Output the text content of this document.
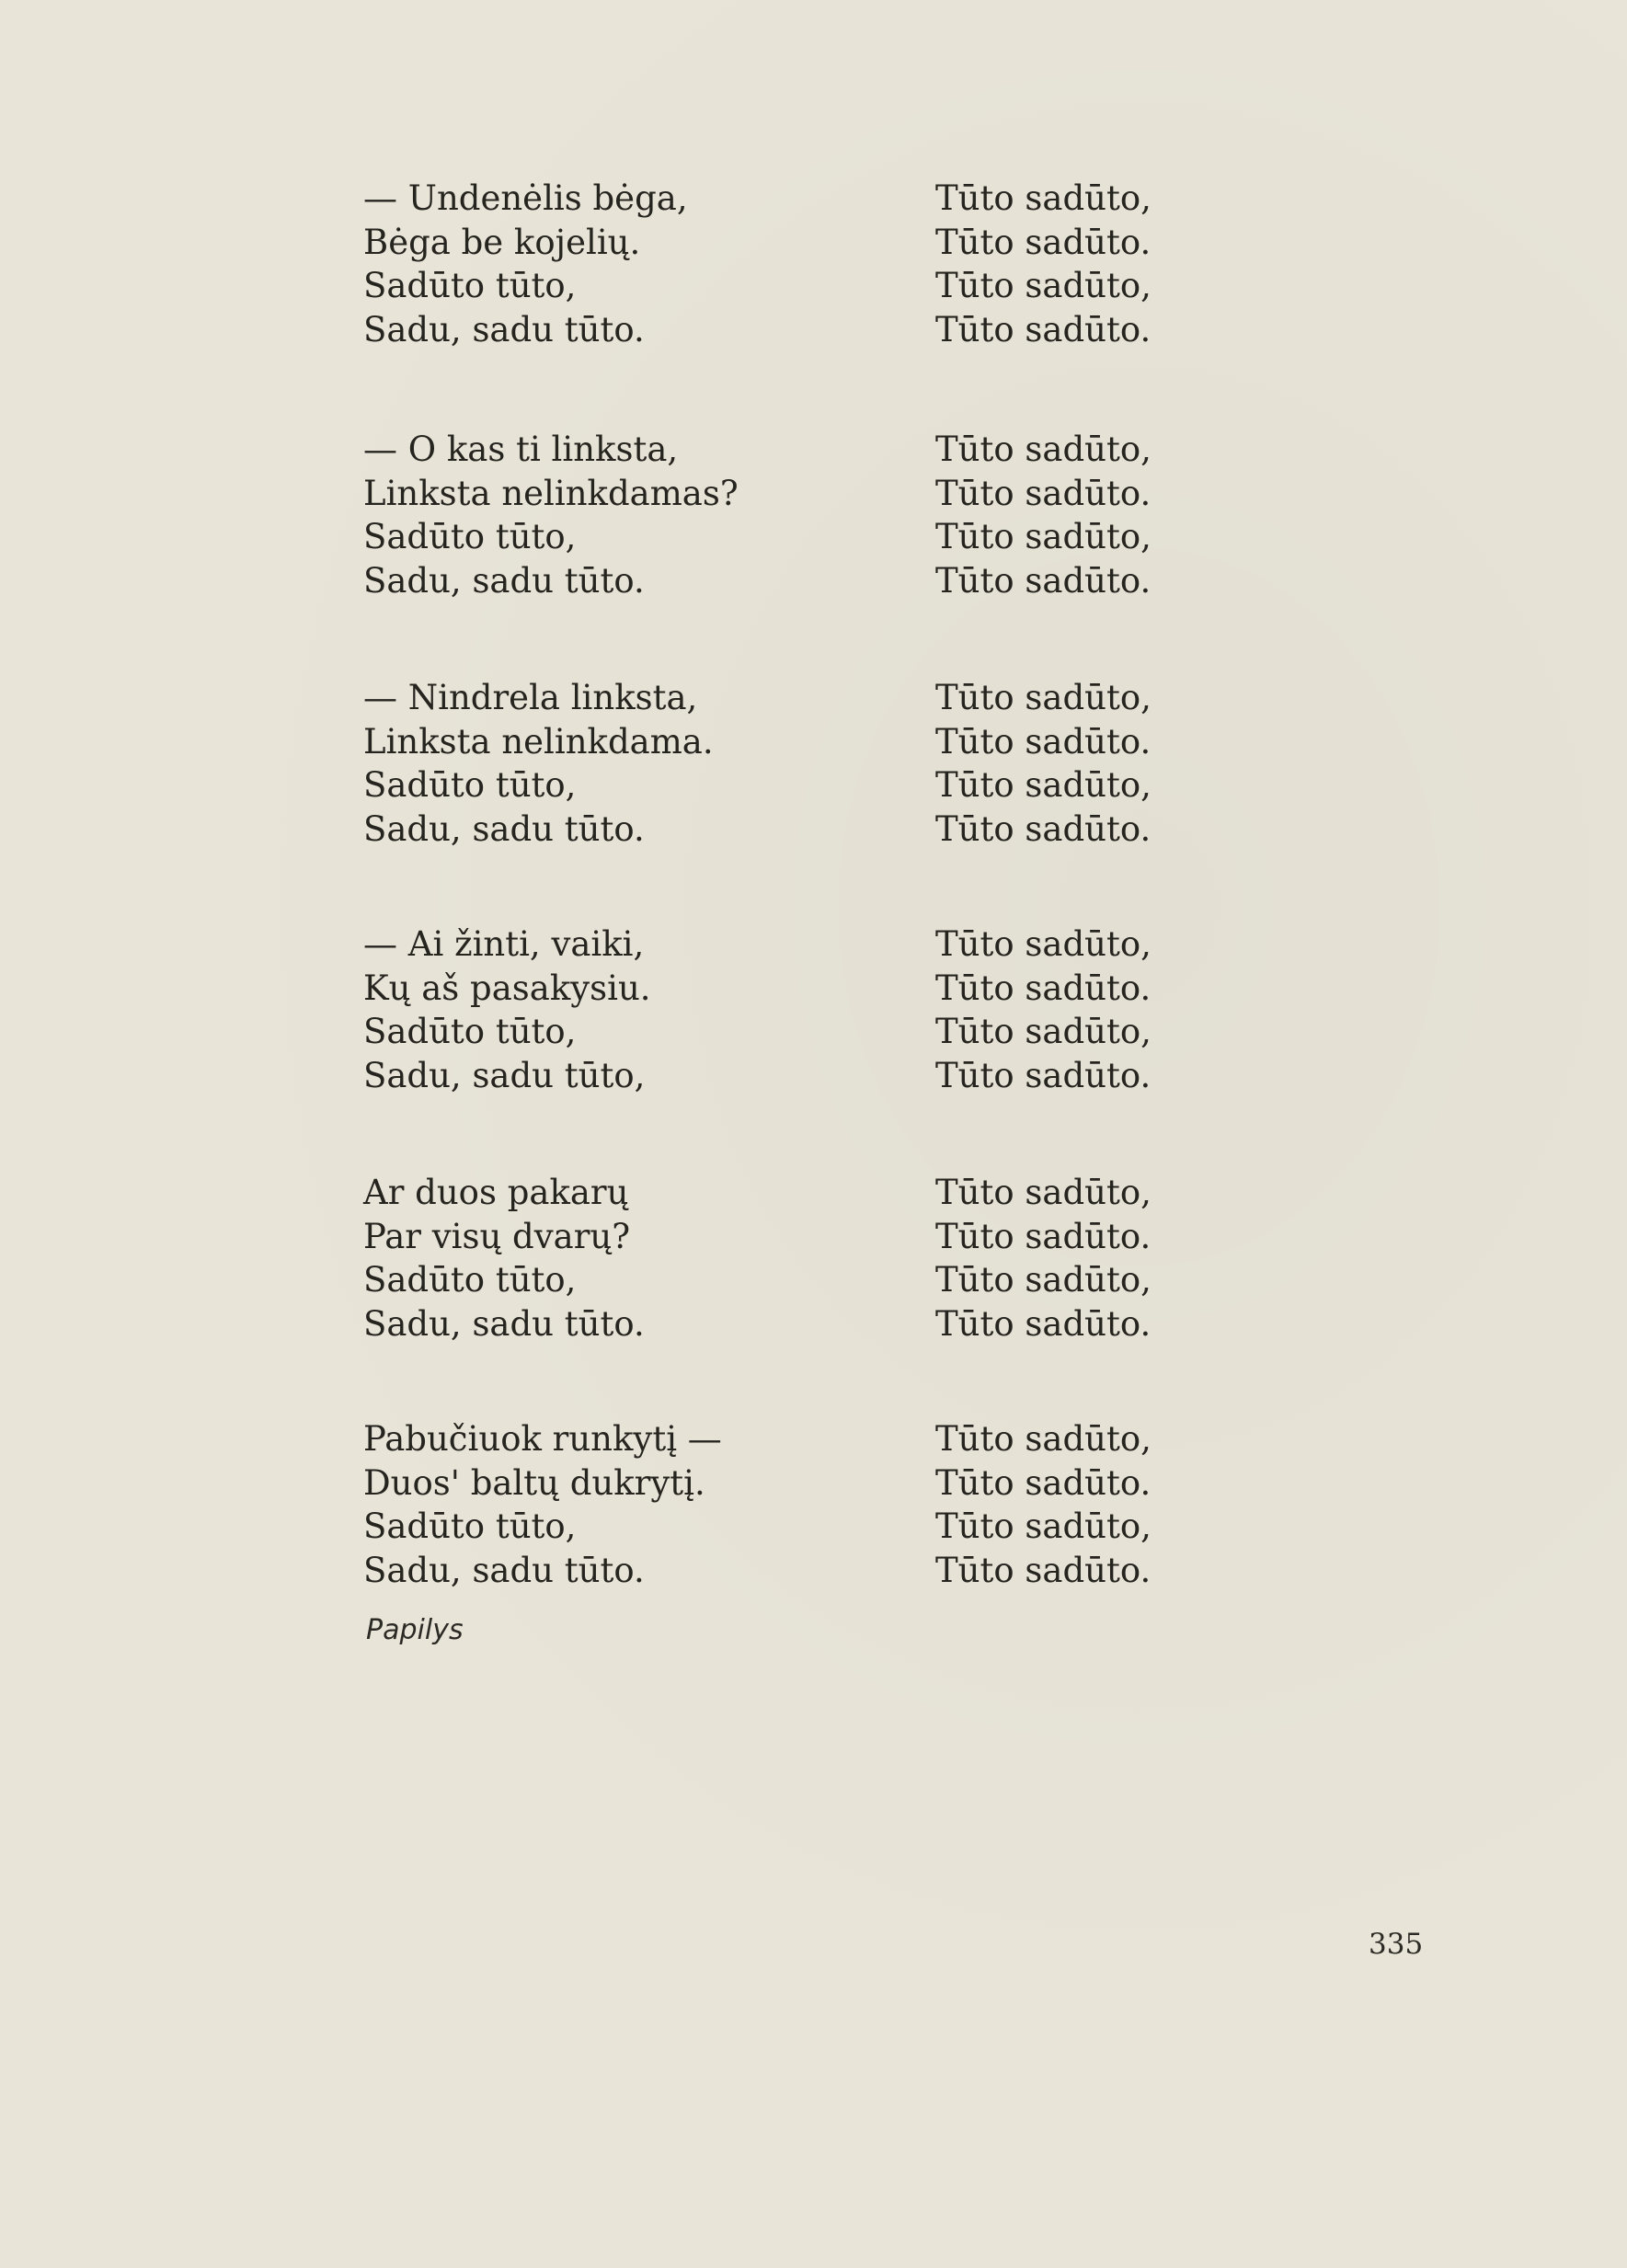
— Undenėlis bėga,	Tūto sadūto,
Bėga be kojelių.	Tūto sadūto.
Sadūto tūto,	Tūto sadūto,
Sadu, sadu tūto.	Tūto sadūto.
— O kas ti linksta,	Tūto sadūto,
Linksta nelinkdamas?	Tūto sadūto.
Sadūto tūto,	Tūto sadūto,
Sadu, sadu tūto.	Tūto sadūto.
— Nindrela linksta,	Tūto sadūto,
Linksta nelinkdama.	Tūto sadūto.
Sadūto tūto,	Tūto sadūto,
Sadu, sadu tūto.	Tūto sadūto.
— Ai žinti, vaiki,	Tūto sadūto,
Kų aš pasakysiu.	Tūto sadūto.
Sadūto tūto,	Tūto sadūto,
Sadu, sadu tūto,	Tūto sadūto.
Ar duos pakarų	Tūto sadūto,
Par visų dvarų?	Tūto sadūto.
Sadūto tūto,	Tūto sadūto,
Sadu, sadu tūto.	Tūto sadūto.
Pabučiuok runkytį —	Tūto sadūto,
Duos' baltų dukrytį.	Tūto sadūto.
Sadūto tūto,	Tūto sadūto,
Sadu, sadu tūto.	Tūto sadūto.
Papilys
335
